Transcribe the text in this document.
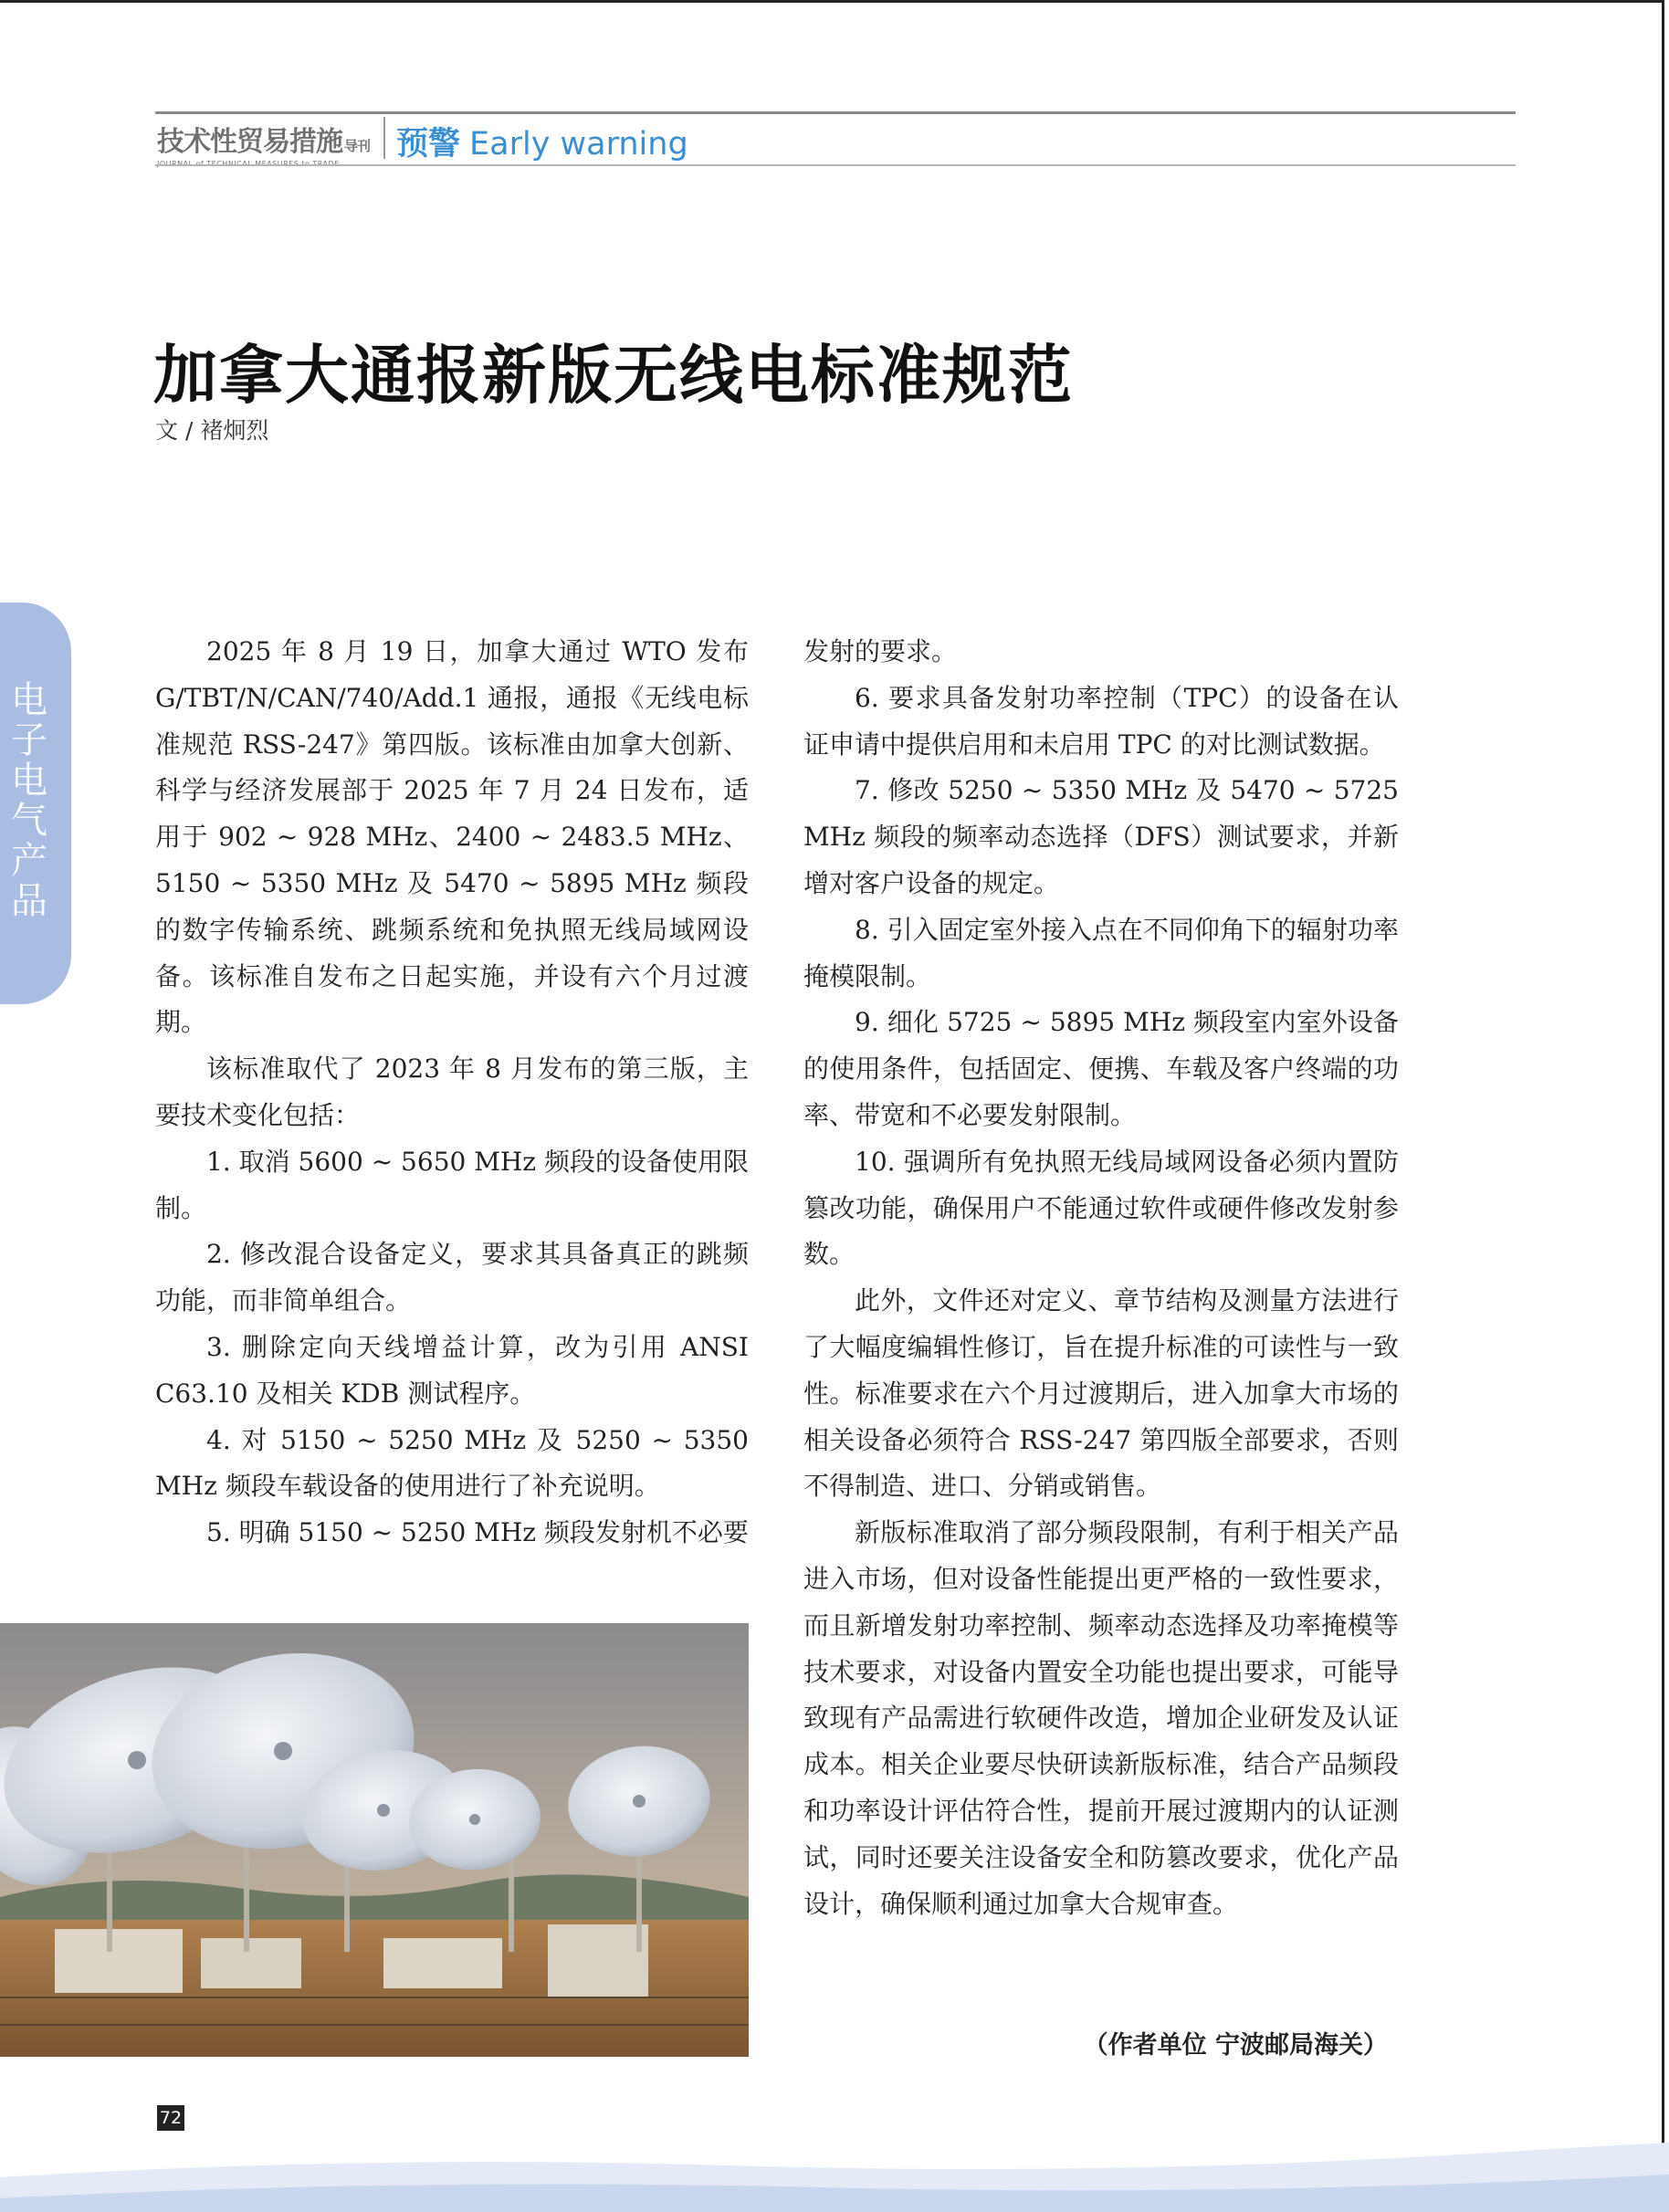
技术性贸易措施 导刊 预警 Early warning
加拿大通报新版无线电标准规范
文 / 褚炯烈
电
子
电
气
产
品

2025 年 8 月 19 日，加拿大通过 WTO 发布 G/TBT/N/CAN/740/Add.1 通报，通报《无线电标准规范 RSS-247》第四版。该标准由加拿大创新、科学与经济发展部于 2025 年 7 月 24 日发布，适用于 902 ~ 928 MHz、2400 ~ 2483.5 MHz、5150 ~ 5350 MHz 及 5470 ~ 5895 MHz 频段的数字传输系统、跳频系统和免执照无线局域网设备。该标准自发布之日起实施，并设有六个月过渡期。

该标准取代了 2023 年 8 月发布的第三版，主要技术变化包括：

1. 取消 5600 ~ 5650 MHz 频段的设备使用限制。

2. 修改混合设备定义，要求其具备真正的跳频功能，而非简单组合。

3. 删除定向天线增益计算，改为引用 ANSI C63.10 及相关 KDB 测试程序。

4. 对 5150 ~ 5250 MHz 及 5250 ~ 5350 MHz 频段车载设备的使用进行了补充说明。

5. 明确 5150 ~ 5250 MHz 频段发射机不必要

发射的要求。

6. 要求具备发射功率控制（TPC）的设备在认证申请中提供启用和未启用 TPC 的对比测试数据。

7. 修改 5250 ~ 5350 MHz 及 5470 ~ 5725 MHz 频段的频率动态选择（DFS）测试要求，并新增对客户设备的规定。

8. 引入固定室外接入点在不同仰角下的辐射功率掩模限制。

9. 细化 5725 ~ 5895 MHz 频段室内室外设备的使用条件，包括固定、便携、车载及客户终端的功率、带宽和不必要发射限制。

10. 强调所有免执照无线局域网设备必须内置防篡改功能，确保用户不能通过软件或硬件修改发射参数。

此外，文件还对定义、章节结构及测量方法进行了大幅度编辑性修订，旨在提升标准的可读性与一致性。标准要求在六个月过渡期后，进入加拿大市场的相关设备必须符合 RSS-247 第四版全部要求，否则不得制造、进口、分销或销售。

新版标准取消了部分频段限制，有利于相关产品进入市场，但对设备性能提出更严格的一致性要求，而且新增发射功率控制、频率动态选择及功率掩模等技术要求，对设备内置安全功能也提出要求，可能导致现有产品需进行软硬件改造，增加企业研发及认证成本。相关企业要尽快研读新版标准，结合产品频段和功率设计评估符合性，提前开展过渡期内的认证测试，同时还要关注设备安全和防篡改要求，优化产品设计，确保顺利通过加拿大合规审查。

（作者单位 宁波邮局海关）
72
